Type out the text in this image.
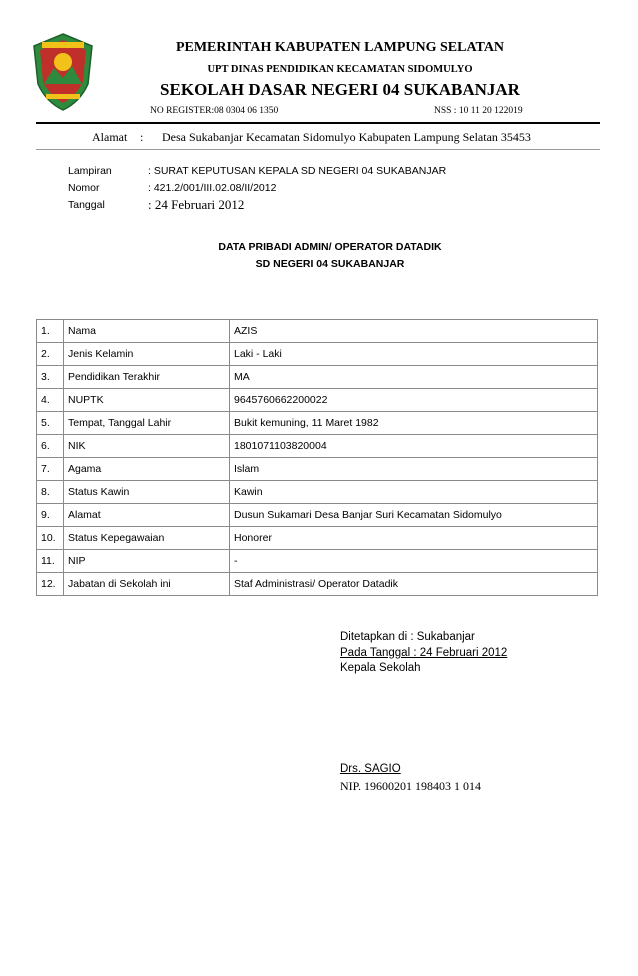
PEMERINTAH KABUPATEN LAMPUNG SELATAN
UPT DINAS PENDIDIKAN KECAMATAN SIDOMULYO
SEKOLAH DASAR NEGERI 04 SUKABANJAR
NO REGISTER:08 0304 06 1350	NSS : 10 11 20 122019
Alamat : Desa Sukabanjar Kecamatan Sidomulyo Kabupaten Lampung Selatan 35453
Lampiran	: SURAT KEPUTUSAN KEPALA SD NEGERI 04 SUKABANJAR
Nomor	: 421.2/001/III.02.08/II/2012
Tanggal	: 24 Februari 2012
DATA PRIBADI ADMIN/ OPERATOR DATADIK
SD NEGERI 04 SUKABANJAR
1.	Nama	AZIS
2.	Jenis Kelamin	Laki - Laki
3.	Pendidikan Terakhir	MA
4.	NUPTK	9645760662200022
5.	Tempat, Tanggal Lahir	Bukit kemuning, 11 Maret 1982
6.	NIK	1801071103820004
7.	Agama	Islam
8.	Status Kawin	Kawin
9.	Alamat	Dusun Sukamari Desa Banjar Suri Kecamatan Sidomulyo
10.	Status Kepegawaian	Honorer
11.	NIP	-
12.	Jabatan di Sekolah ini	Staf Administrasi/ Operator Datadik
Ditetapkan di : Sukabanjar
Pada Tanggal : 24 Februari 2012
Kepala Sekolah
Drs. SAGIO
NIP. 19600201 198403 1 014
